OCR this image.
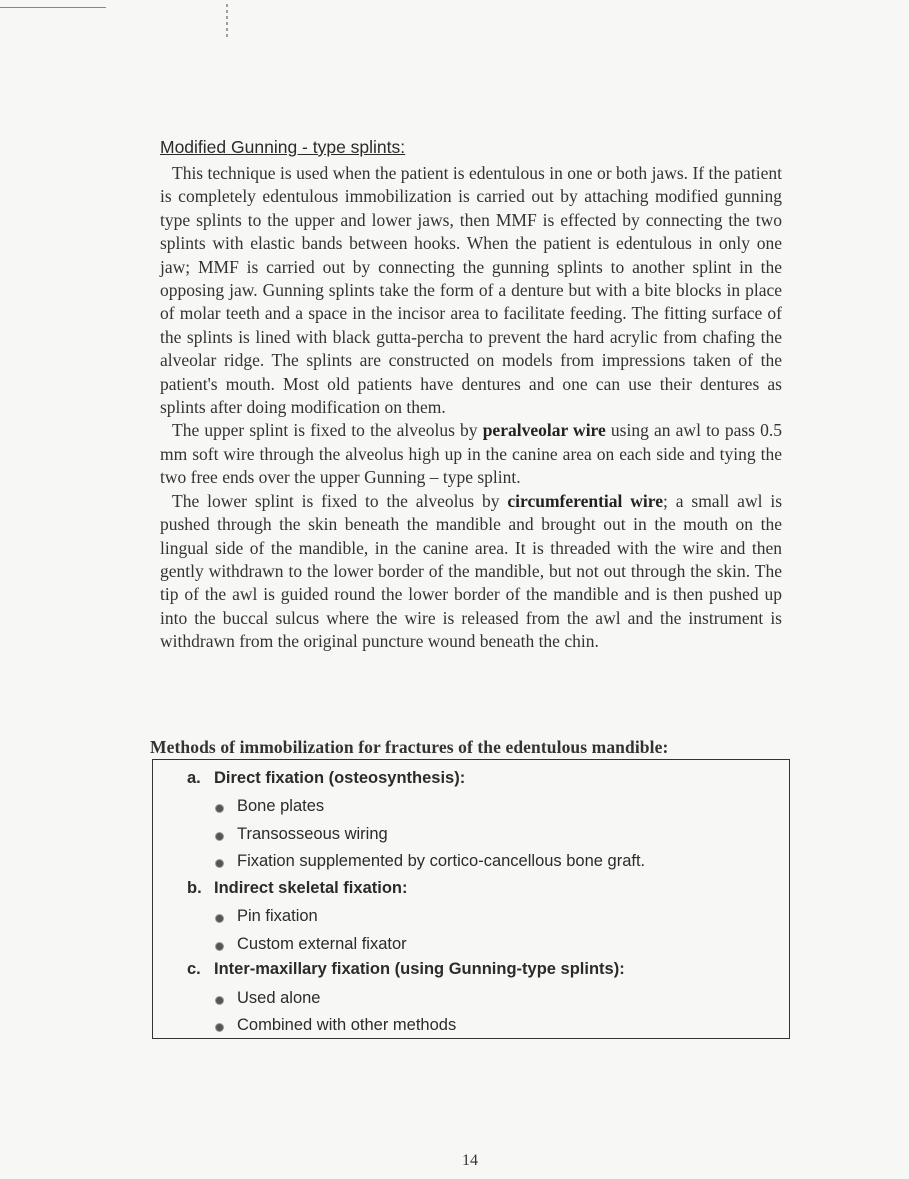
Modified Gunning - type splints:

This technique is used when the patient is edentulous in one or both jaws. If the patient is completely edentulous immobilization is carried out by attaching modified gunning type splints to the upper and lower jaws, then MMF is effected by connecting the two splints with elastic bands between hooks. When the patient is edentulous in only one jaw; MMF is carried out by connecting the gunning splints to another splint in the opposing jaw. Gunning splints take the form of a denture but with a bite blocks in place of molar teeth and a space in the incisor area to facilitate feeding. The fitting surface of the splints is lined with black gutta-percha to prevent the hard acrylic from chafing the alveolar ridge. The splints are constructed on models from impressions taken of the patient's mouth. Most old patients have dentures and one can use their dentures as splints after doing modification on them.

The upper splint is fixed to the alveolus by peralveolar wire using an awl to pass 0.5 mm soft wire through the alveolus high up in the canine area on each side and tying the two free ends over the upper Gunning – type splint.

The lower splint is fixed to the alveolus by circumferential wire; a small awl is pushed through the skin beneath the mandible and brought out in the mouth on the lingual side of the mandible, in the canine area. It is threaded with the wire and then gently withdrawn to the lower border of the mandible, but not out through the skin. The tip of the awl is guided round the lower border of the mandible and is then pushed up into the buccal sulcus where the wire is released from the awl and the instrument is withdrawn from the original puncture wound beneath the chin.

Methods of immobilization for fractures of the edentulous mandible:
a. Direct fixation (osteosynthesis):
Bone plates
Transosseous wiring
Fixation supplemented by cortico-cancellous bone graft.
b. Indirect skeletal fixation:
Pin fixation
Custom external fixator
c. Inter-maxillary fixation (using Gunning-type splints):
Used alone
Combined with other methods
14
